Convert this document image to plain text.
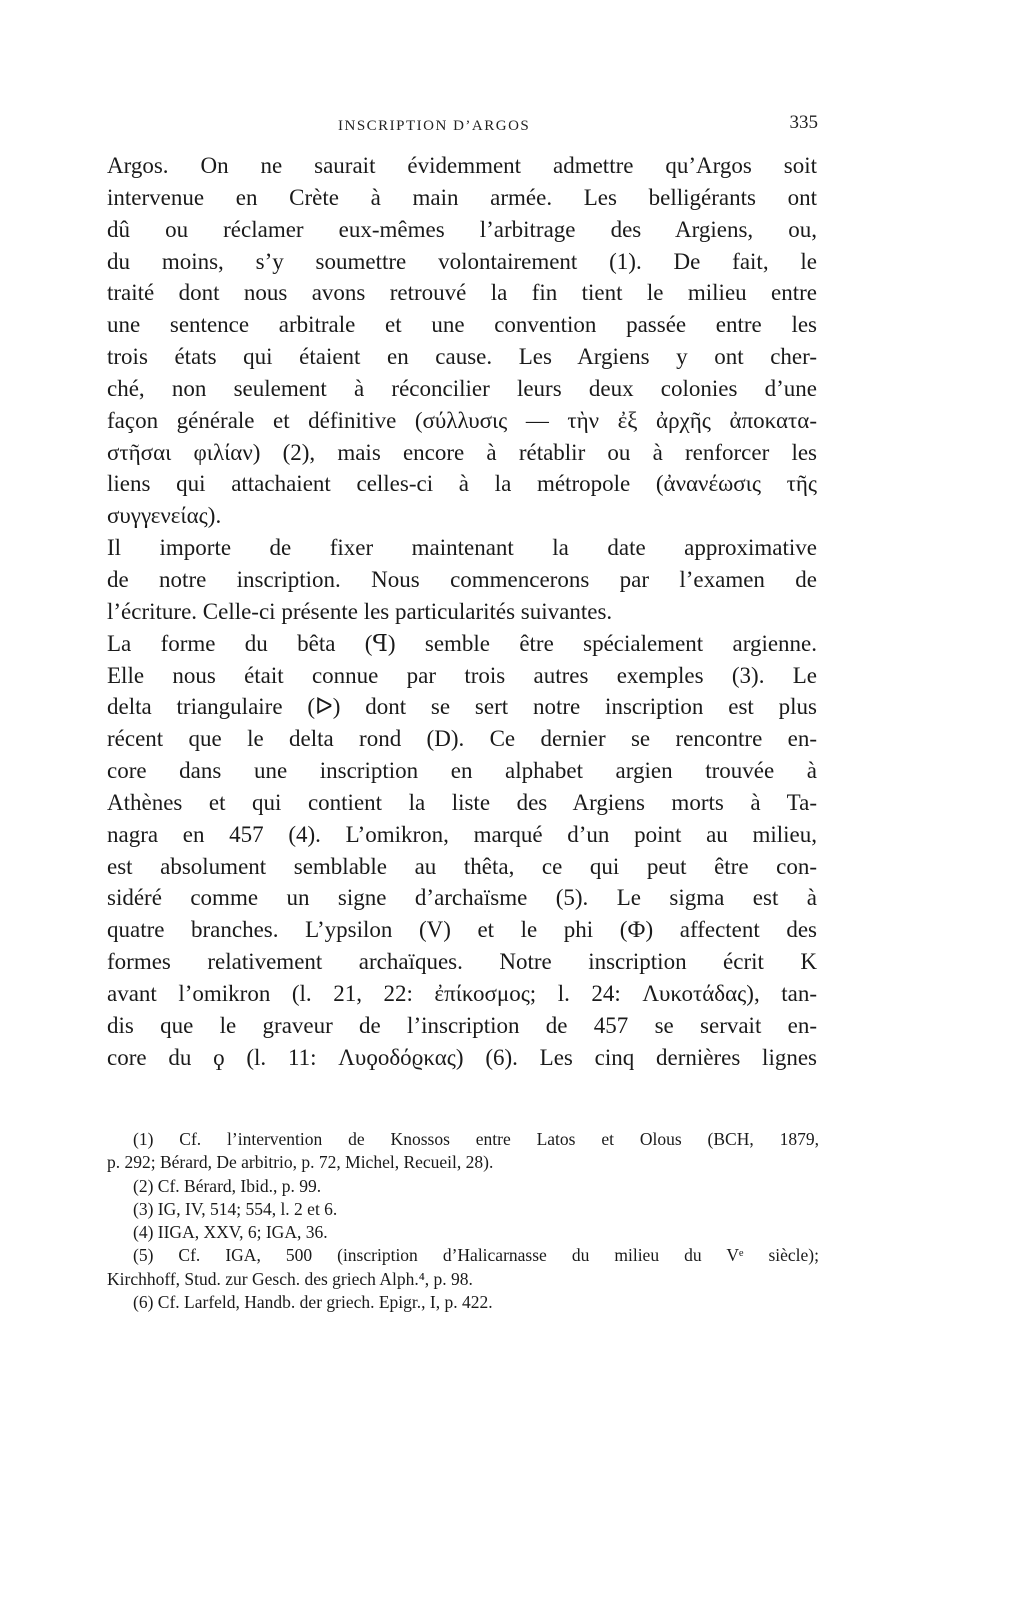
INSCRIPTION D’ARGOS	335
Argos. On ne saurait évidemment admettre qu’Argos soit
intervenue en Crète à main armée. Les belligérants ont
dû ou réclamer eux-mêmes l’arbitrage des Argiens, ou,
du moins, s’y soumettre volontairement (1). De fait, le
traité dont nous avons retrouvé la fin tient le milieu entre
une sentence arbitrale et une convention passée entre les
trois états qui étaient en cause. Les Argiens y ont cher-
ché, non seulement à réconcilier leurs deux colonies d’une
façon générale et définitive (σύλλυσις — τὴν ἐξ ἀρχῆς ἀποκατα-
στῆσαι φιλίαν) (2), mais encore à rétablir ou à renforcer les
liens qui attachaient celles-ci à la métropole (ἀνανέωσις τῆς
συγγενείας).
Il importe de fixer maintenant la date approximative
de notre inscription. Nous commencerons par l’examen de
l’écriture. Celle-ci présente les particularités suivantes.
La forme du bêta (ꟼ) semble être spécialement argienne.
Elle nous était connue par trois autres exemples (3). Le
delta triangulaire (ᐅ) dont se sert notre inscription est plus
récent que le delta rond (D). Ce dernier se rencontre en-
core dans une inscription en alphabet argien trouvée à
Athènes et qui contient la liste des Argiens morts à Ta-
nagra en 457 (4). L’omikron, marqué d’un point au milieu,
est absolument semblable au thêta, ce qui peut être con-
sidéré comme un signe d’archaïsme (5). Le sigma est à
quatre branches. L’ypsilon (V) et le phi (Ф) affectent des
formes relativement archaïques. Notre inscription écrit K
avant l’omikron (l. 21, 22: ἐπίκοσμος; l. 24: Λυκοτάδας), tan-
dis que le graveur de l’inscription de 457 se servait en-
core du ϙ (l. 11: Λυϙοδόϱκας) (6). Les cinq dernières lignes
(1) Cf. l’intervention de Knossos entre Latos et Olous (BCH, 1879,
p. 292; Bérard, De arbitrio, p. 72, Michel, Recueil, 28).
(2) Cf. Bérard, Ibid., p. 99.
(3) IG, IV, 514; 554, l. 2 et 6.
(4) IIGA, XXV, 6; IGA, 36.
(5) Cf. IGA, 500 (inscription d’Halicarnasse du milieu du Vᵉ siècle);
Kirchhoff, Stud. zur Gesch. des griech Alph.⁴, p. 98.
(6) Cf. Larfeld, Handb. der griech. Epigr., I, p. 422.
